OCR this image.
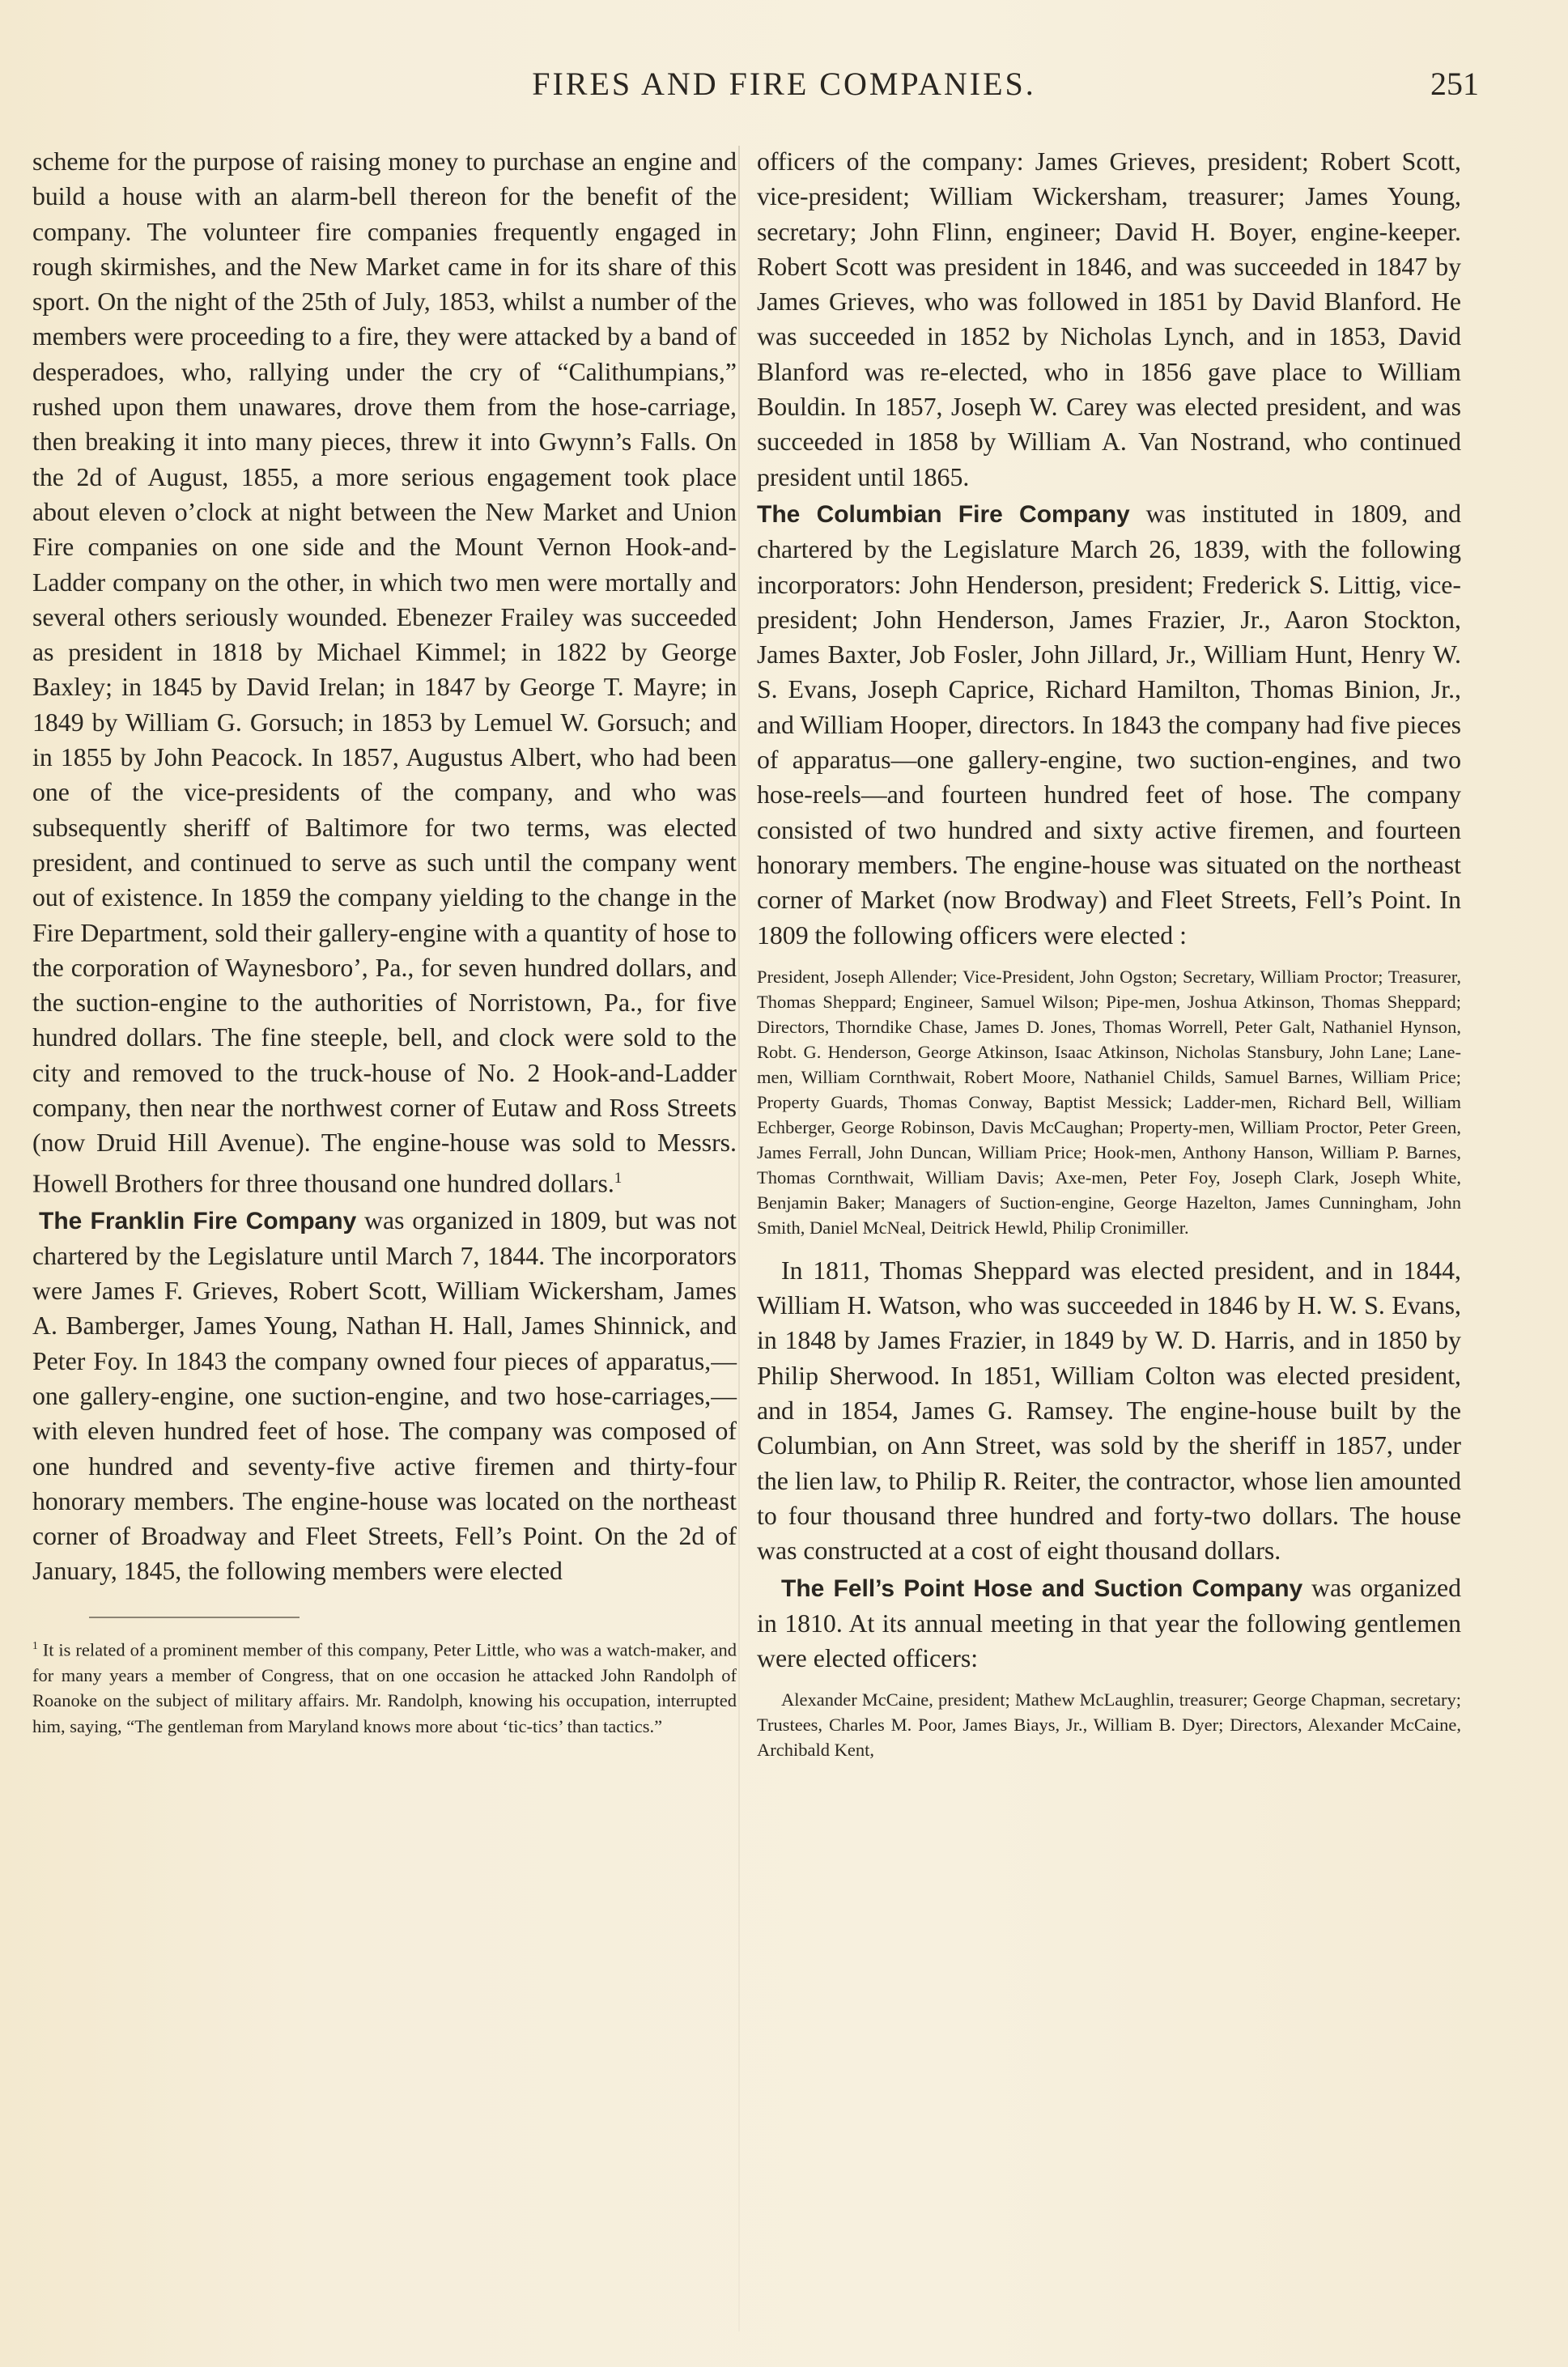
FIRES AND FIRE COMPANIES.	251

scheme for the purpose of raising money to purchase an engine and build a house with an alarm-bell thereon for the benefit of the company. The volunteer fire companies frequently engaged in rough skirmishes, and the New Market came in for its share of this sport. On the night of the 25th of July, 1853, whilst a number of the members were proceeding to a fire, they were attacked by a band of desperadoes, who, rallying under the cry of “Calithumpians,” rushed upon them unawares, drove them from the hose-carriage, then breaking it into many pieces, threw it into Gwynn’s Falls. On the 2d of August, 1855, a more serious engagement took place about eleven o’clock at night between the New Market and Union Fire companies on one side and the Mount Vernon Hook-and-Ladder company on the other, in which two men were mortally and several others seriously wounded. Ebenezer Frailey was succeeded as president in 1818 by Michael Kimmel; in 1822 by George Baxley; in 1845 by David Irelan; in 1847 by George T. Mayre; in 1849 by William G. Gorsuch; in 1853 by Lemuel W. Gorsuch; and in 1855 by John Peacock. In 1857, Augustus Albert, who had been one of the vice-presidents of the company, and who was subsequently sheriff of Baltimore for two terms, was elected president, and continued to serve as such until the company went out of existence. In 1859 the company yielding to the change in the Fire Department, sold their gallery-engine with a quantity of hose to the corporation of Waynesboro’, Pa., for seven hundred dollars, and the suction-engine to the authorities of Norristown, Pa., for five hundred dollars. The fine steeple, bell, and clock were sold to the city and removed to the truck-house of No. 2 Hook-and-Ladder company, then near the northwest corner of Eutaw and Ross Streets (now Druid Hill Avenue). The engine-house was sold to Messrs. Howell Brothers for three thousand one hundred dollars.$^1$

The Franklin Fire Company was organized in 1809, but was not chartered by the Legislature until March 7, 1844. The incorporators were James F. Grieves, Robert Scott, William Wickersham, James A. Bamberger, James Young, Nathan H. Hall, James Shinnick, and Peter Foy. In 1843 the company owned four pieces of apparatus,—one gallery-engine, one suction-engine, and two hose-carriages,—with eleven hundred feet of hose. The company was composed of one hundred and seventy-five active firemen and thirty-four honorary members. The engine-house was located on the northeast corner of Broadway and Fleet Streets, Fell’s Point. On the 2d of January, 1845, the following members were elected

$^1$ It is related of a prominent member of this company, Peter Little, who was a watch-maker, and for many years a member of Congress, that on one occasion he attacked John Randolph of Roanoke on the subject of military affairs. Mr. Randolph, knowing his occupation, interrupted him, saying, “The gentleman from Maryland knows more about ‘tic-tics’ than tactics.”

officers of the company: James Grieves, president; Robert Scott, vice-president; William Wickersham, treasurer; James Young, secretary; John Flinn, engineer; David H. Boyer, engine-keeper. Robert Scott was president in 1846, and was succeeded in 1847 by James Grieves, who was followed in 1851 by David Blanford. He was succeeded in 1852 by Nicholas Lynch, and in 1853, David Blanford was re-elected, who in 1856 gave place to William Bouldin. In 1857, Joseph W. Carey was elected president, and was succeeded in 1858 by William A. Van Nostrand, who continued president until 1865.

The Columbian Fire Company was instituted in 1809, and chartered by the Legislature March 26, 1839, with the following incorporators: John Henderson, president; Frederick S. Littig, vice-president; John Henderson, James Frazier, Jr., Aaron Stockton, James Baxter, Job Fosler, John Jillard, Jr., William Hunt, Henry W. S. Evans, Joseph Caprice, Richard Hamilton, Thomas Binion, Jr., and William Hooper, directors. In 1843 the company had five pieces of apparatus—one gallery-engine, two suction-engines, and two hose-reels—and fourteen hundred feet of hose. The company consisted of two hundred and sixty active firemen, and fourteen honorary members. The engine-house was situated on the northeast corner of Market (now Brodway) and Fleet Streets, Fell’s Point. In 1809 the following officers were elected :

President, Joseph Allender; Vice-President, John Ogston; Secretary, William Proctor; Treasurer, Thomas Sheppard; Engineer, Samuel Wilson; Pipe-men, Joshua Atkinson, Thomas Sheppard; Directors, Thorndike Chase, James D. Jones, Thomas Worrell, Peter Galt, Nathaniel Hynson, Robt. G. Henderson, George Atkinson, Isaac Atkinson, Nicholas Stansbury, John Lane; Lane-men, William Cornthwait, Robert Moore, Nathaniel Childs, Samuel Barnes, William Price; Property Guards, Thomas Conway, Baptist Messick; Ladder-men, Richard Bell, William Echberger, George Robinson, Davis McCaughan; Property-men, William Proctor, Peter Green, James Ferrall, John Duncan, William Price; Hook-men, Anthony Hanson, William P. Barnes, Thomas Cornthwait, William Davis; Axe-men, Peter Foy, Joseph Clark, Joseph White, Benjamin Baker; Managers of Suction-engine, George Hazelton, James Cunningham, John Smith, Daniel McNeal, Deitrick Hewld, Philip Cronimiller.

In 1811, Thomas Sheppard was elected president, and in 1844, William H. Watson, who was succeeded in 1846 by H. W. S. Evans, in 1848 by James Frazier, in 1849 by W. D. Harris, and in 1850 by Philip Sherwood. In 1851, William Colton was elected president, and in 1854, James G. Ramsey. The engine-house built by the Columbian, on Ann Street, was sold by the sheriff in 1857, under the lien law, to Philip R. Reiter, the contractor, whose lien amounted to four thousand three hundred and forty-two dollars. The house was constructed at a cost of eight thousand dollars.

The Fell’s Point Hose and Suction Company was organized in 1810. At its annual meeting in that year the following gentlemen were elected officers:

Alexander McCaine, president; Mathew McLaughlin, treasurer; George Chapman, secretary; Trustees, Charles M. Poor, James Biays, Jr., William B. Dyer; Directors, Alexander McCaine, Archibald Kent,
